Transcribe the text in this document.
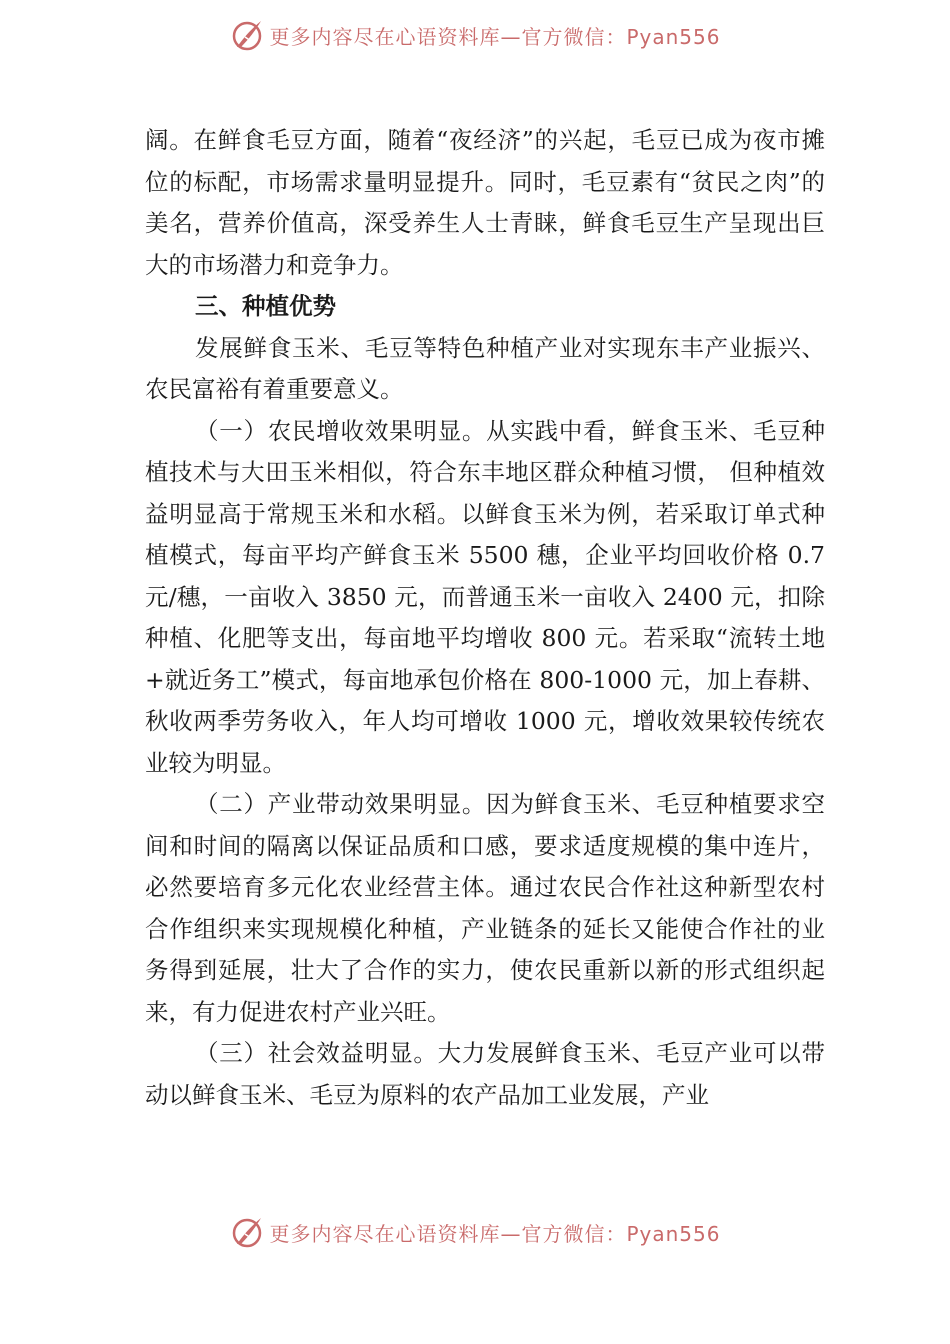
更多内容尽在心语资料库—官方微信：Pyan556

阔。在鲜食毛豆方面，随着“夜经济”的兴起，毛豆已成为夜市摊位的标配，市场需求量明显提升。同时，毛豆素有“贫民之肉”的美名，营养价值高，深受养生人士青睐，鲜食毛豆生产呈现出巨大的市场潜力和竞争力。

三、种植优势

发展鲜食玉米、毛豆等特色种植产业对实现东丰产业振兴、农民富裕有着重要意义。

（一）农民增收效果明显。从实践中看，鲜食玉米、毛豆种植技术与大田玉米相似，符合东丰地区群众种植习惯， 但种植效益明显高于常规玉米和水稻。以鲜食玉米为例，若采取订单式种植模式，每亩平均产鲜食玉米 5500 穗，企业平均回收价格 0.7 元/穗，一亩收入 3850 元，而普通玉米一亩收入 2400 元，扣除种植、化肥等支出，每亩地平均增收 800 元。若采取“流转土地+就近务工”模式，每亩地承包价格在 800-1000 元，加上春耕、秋收两季劳务收入，年人均可增收 1000 元，增收效果较传统农业较为明显。

（二）产业带动效果明显。因为鲜食玉米、毛豆种植要求空间和时间的隔离以保证品质和口感，要求适度规模的集中连片，必然要培育多元化农业经营主体。通过农民合作社这种新型农村合作组织来实现规模化种植，产业链条的延长又能使合作社的业务得到延展，壮大了合作的实力，使农民重新以新的形式组织起来，有力促进农村产业兴旺。

（三）社会效益明显。大力发展鲜食玉米、毛豆产业可以带动以鲜食玉米、毛豆为原料的农产品加工业发展，产业

更多内容尽在心语资料库—官方微信：Pyan556
